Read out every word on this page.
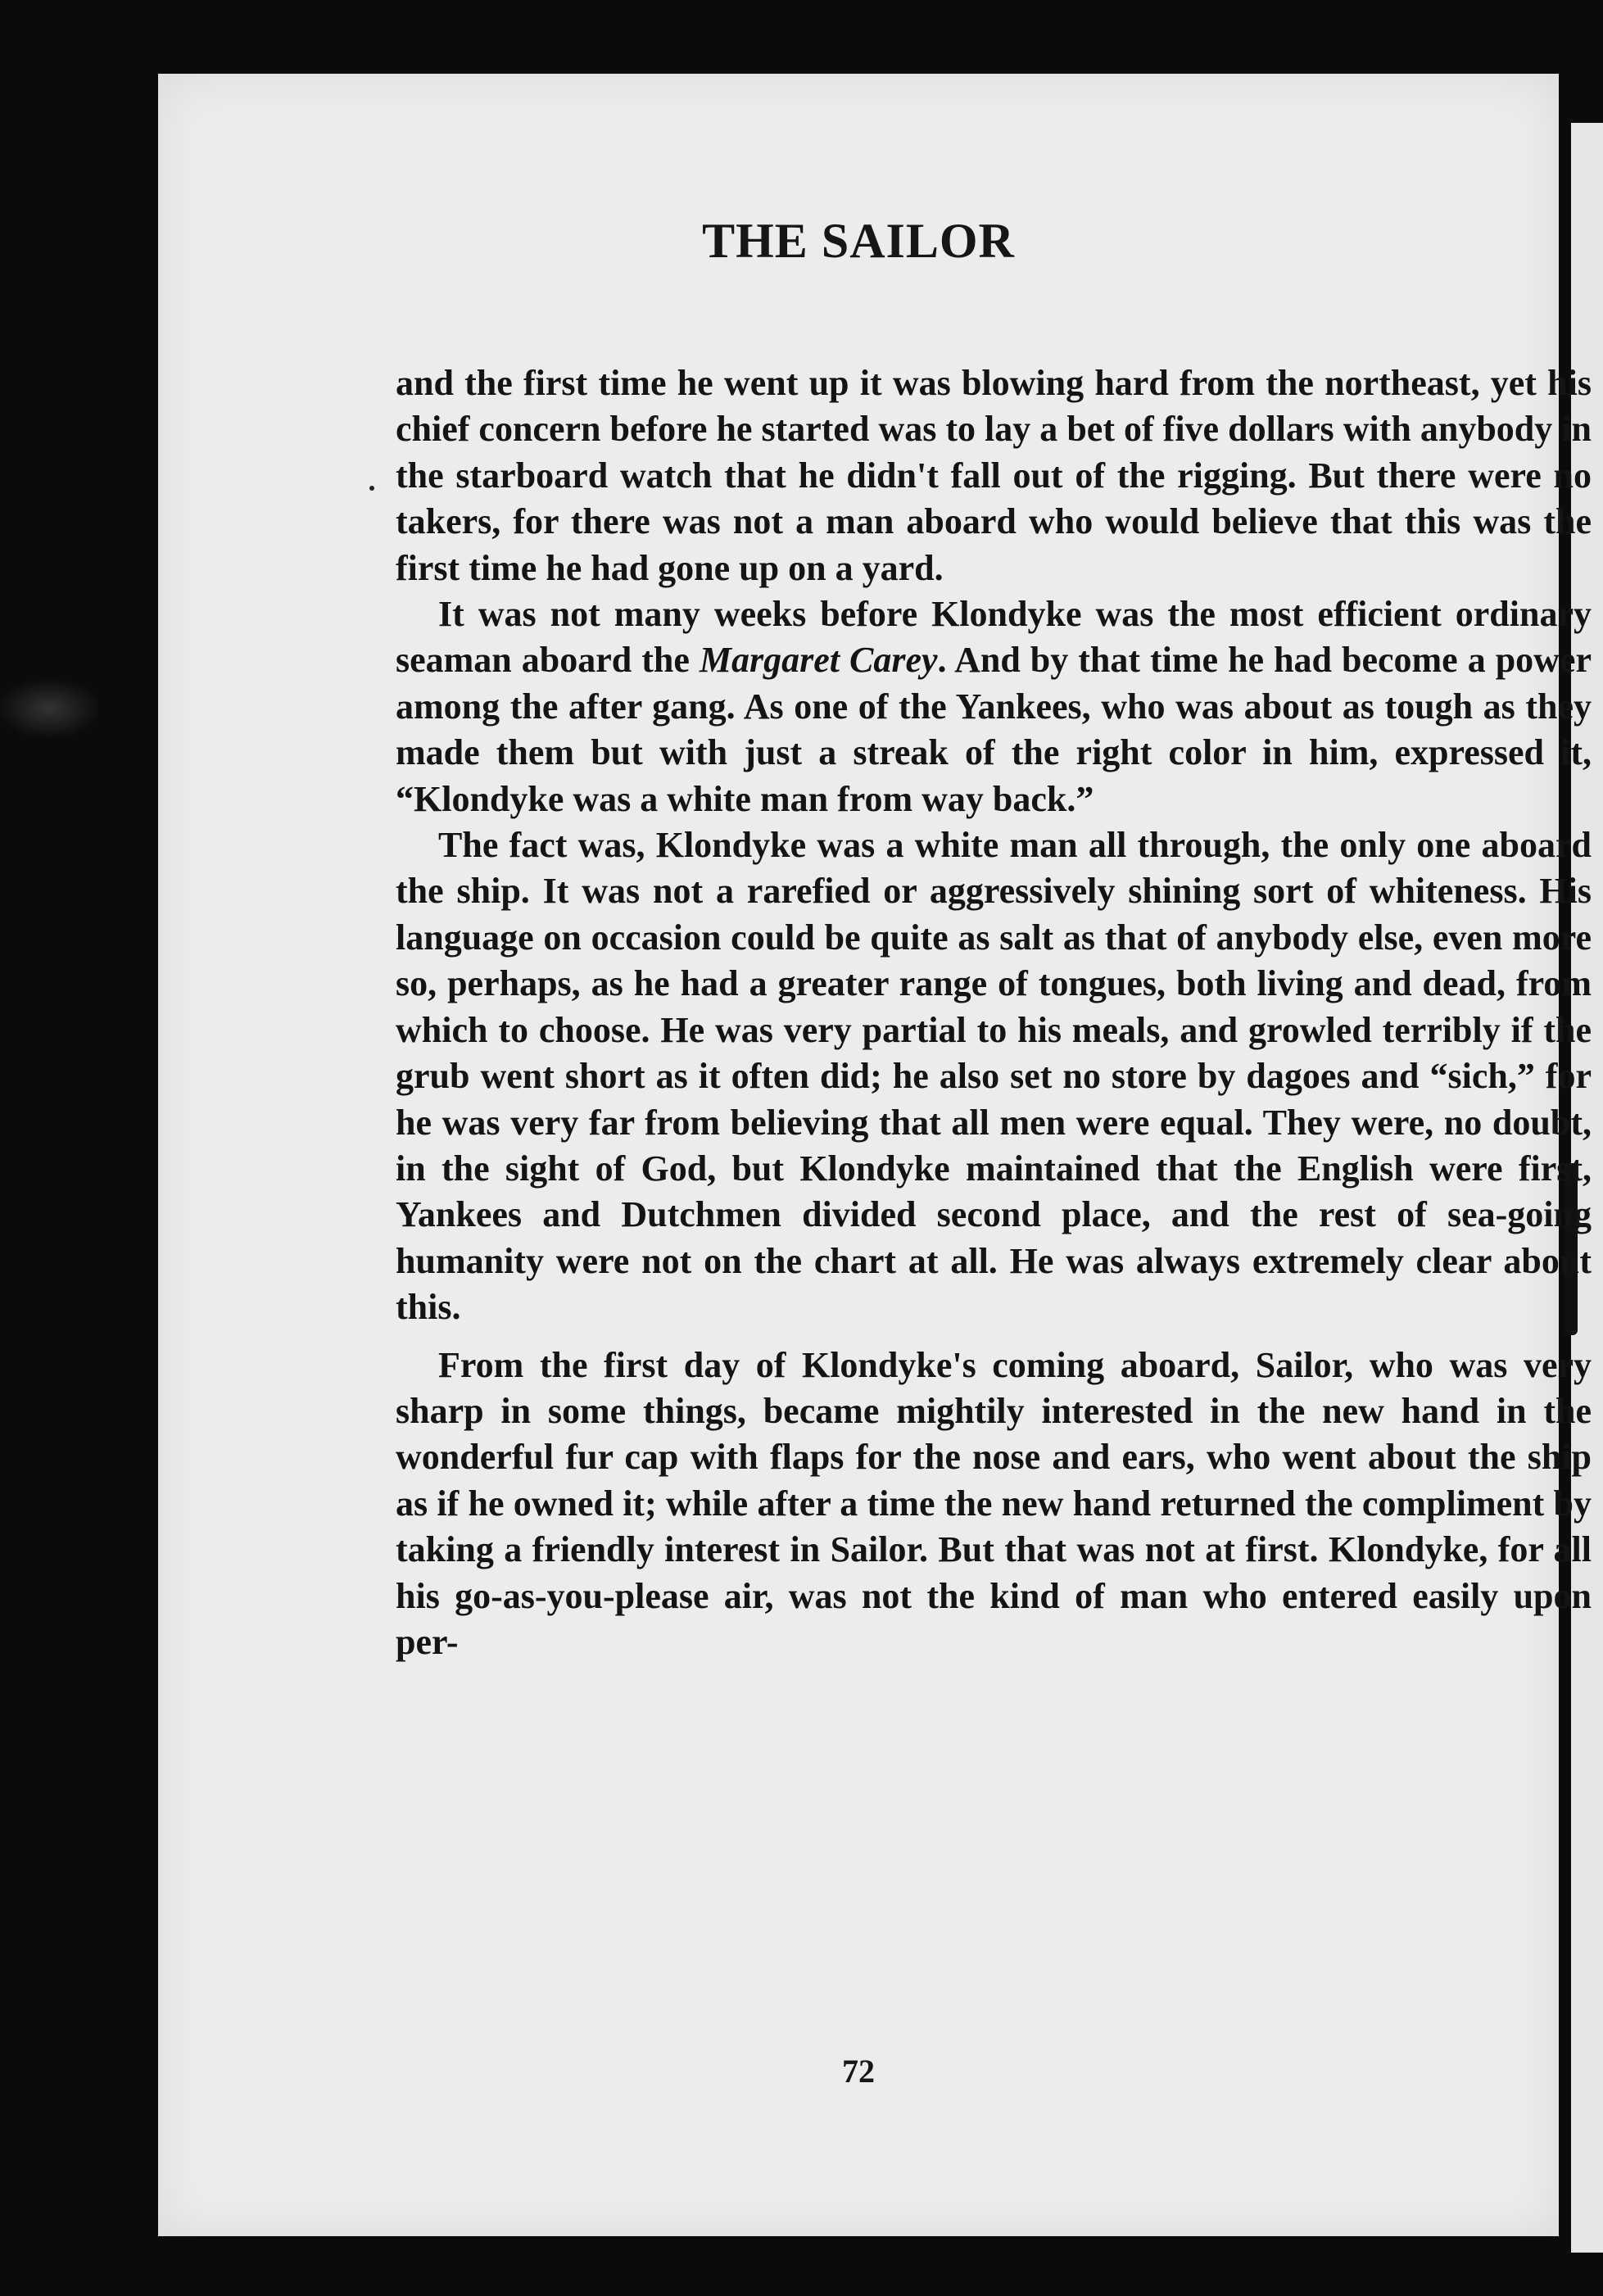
THE SAILOR

and the first time he went up it was blowing hard from the northeast, yet his chief concern before he started was to lay a bet of five dollars with anybody in the starboard watch that he didn't fall out of the rigging. But there were no takers, for there was not a man aboard who would believe that this was the first time he had gone up on a yard.

It was not many weeks before Klondyke was the most efficient ordinary seaman aboard the Margaret Carey. And by that time he had become a power among the after gang. As one of the Yankees, who was about as tough as they made them but with just a streak of the right color in him, expressed it, “Klondyke was a white man from way back.”

The fact was, Klondyke was a white man all through, the only one aboard the ship. It was not a rarefied or aggressively shining sort of whiteness. His language on occasion could be quite as salt as that of anybody else, even more so, perhaps, as he had a greater range of tongues, both living and dead, from which to choose. He was very partial to his meals, and growled terribly if the grub went short as it often did; he also set no store by dagoes and “sich,” for he was very far from believing that all men were equal. They were, no doubt, in the sight of God, but Klondyke maintained that the English were first, Yankees and Dutchmen divided second place, and the rest of sea-going humanity were not on the chart at all. He was always extremely clear about this.

From the first day of Klondyke's coming aboard, Sailor, who was very sharp in some things, became mightily interested in the new hand in the wonderful fur cap with flaps for the nose and ears, who went about the ship as if he owned it; while after a time the new hand returned the compliment by taking a friendly interest in Sailor. But that was not at first. Klondyke, for all his go-as-you-please air, was not the kind of man who entered easily upon per-

72
